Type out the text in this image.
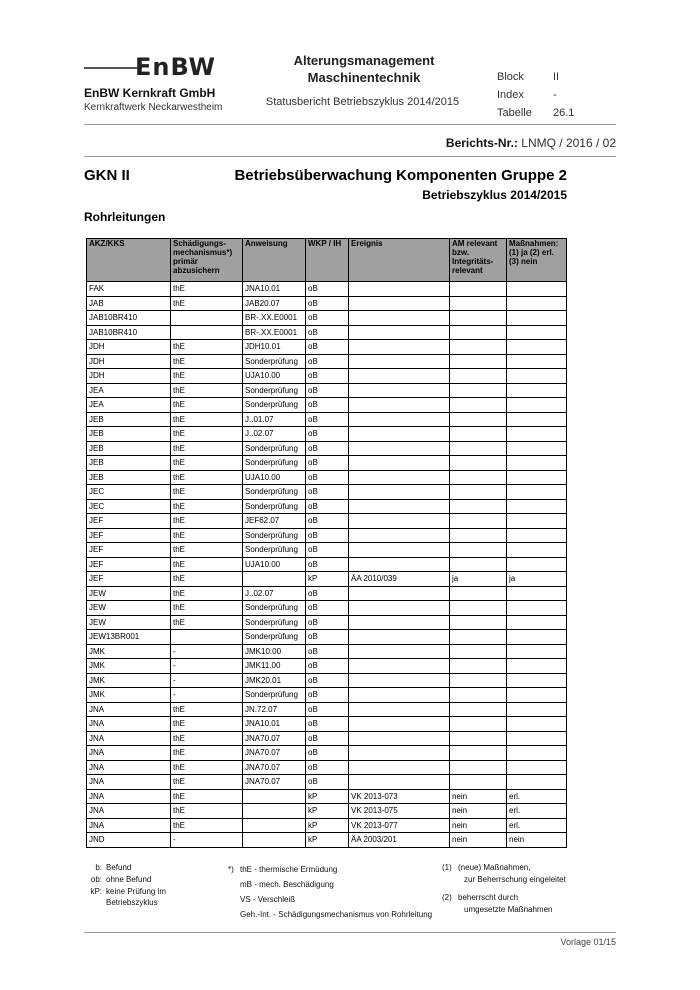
EnBW
EnBW Kernkraft GmbH
Kernkraftwerk Neckarwestheim
Alterungsmanagement
Maschinentechnik
Statusbericht Betriebszyklus 2014/2015
Block	II
Index	-
Tabelle	26.1
Berichts-Nr.: LNMQ / 2016 / 02
GKN II	Betriebsüberwachung Komponenten Gruppe 2
Betriebszyklus 2014/2015
Rohrleitungen
AKZ/KKS	Schädigungs-mechanismus*) primär abzusichern	Anweisung	WKP / IH	Ereignis	AM relevant bzw. Integritäts-relevant	Maßnahmen: (1) ja (2) erl. (3) nein
FAK	thE	JNA10.01	oB			
JAB	thE	JAB20.07	oB			
JAB10BR410		BR-.XX.E0001	oB			
JAB10BR410		BR-.XX.E0001	oB			
JDH	thE	JDH10.01	oB			
JDH	thE	Sonderprüfung	oB			
JDH	thE	UJA10.00	oB			
JEA	thE	Sonderprüfung	oB			
JEA	thE	Sonderprüfung	oB			
JEB	thE	J..01.07	oB			
JEB	thE	J..02.07	oB			
JEB	thE	Sonderprüfung	oB			
JEB	thE	Sonderprüfung	oB			
JEB	thE	UJA10.00	oB			
JEC	thE	Sonderprüfung	oB			
JEC	thE	Sonderprüfung	oB			
JEF	thE	JEF62.07	oB			
JEF	thE	Sonderprüfung	oB			
JEF	thE	Sonderprüfung	oB			
JEF	thE	UJA10.00	oB			
JEF	thE		kP	ÄA 2010/039	ja	ja
JEW	thE	J..02.07	oB			
JEW	thE	Sonderprüfung	oB			
JEW	thE	Sonderprüfung	oB			
JEW13BR001		Sonderprüfung	oB			
JMK	-	JMK10.00	oB			
JMK	-	JMK11.00	oB			
JMK	-	JMK20.01	oB			
JMK	-	Sonderprüfung	oB			
JNA	thE	JN.72.07	oB			
JNA	thE	JNA10.01	oB			
JNA	thE	JNA70.07	oB			
JNA	thE	JNA70.07	oB			
JNA	thE	JNA70.07	oB			
JNA	thE	JNA70.07	oB			
JNA	thE		kP	VK 2013-073	nein	erl.
JNA	thE		kP	VK 2013-075	nein	erl.
JNA	thE		kP	VK 2013-077	nein	erl.
JND	-		kP	ÄA 2003/201	nein	nein
b: Befund
ob: ohne Befund
kP: keine Prüfung im Betriebszyklus
*) thE - thermische Ermüdung
mB - mech. Beschädigung
VS - Verschleiß
Geh.-Int. - Schädigungsmechanismus von Rohrleitung
(1) (neue) Maßnahmen,
zur Beherrschung eingeleitet
(2) beherrscht durch
umgesetzte Maßnahmen
Vorlage 01/15
